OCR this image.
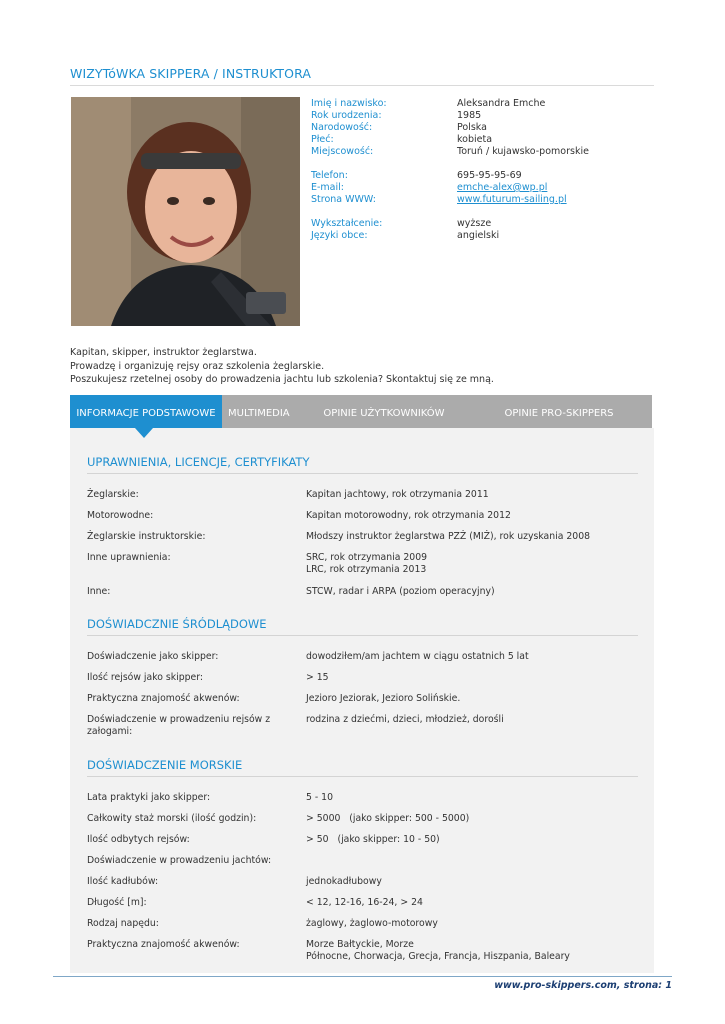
WIZYTóWKA SKIPPERA / INSTRUKTORA
Imię i nazwisko:	Aleksandra Emche
Rok urodzenia:	1985
Narodowość:	Polska
Płeć:	kobieta
Miejscowość:	Toruń / kujawsko-pomorskie
Telefon:	695-95-95-69
E-mail:	emche-alex@wp.pl
Strona WWW:	www.futurum-sailing.pl
Wykształcenie:	wyższe
Języki obce:	angielski
Kapitan, skipper, instruktor żeglarstwa.
Prowadzę i organizuję rejsy oraz szkolenia żeglarskie.
Poszukujesz rzetelnej osoby do prowadzenia jachtu lub szkolenia? Skontaktuj się ze mną.
INFORMACJE PODSTAWOWE	MULTIMEDIA	OPINIE UŻYTKOWNIKÓW	OPINIE PRO-SKIPPERS
UPRAWNIENIA, LICENCJE, CERTYFIKATY
Żeglarskie:	Kapitan jachtowy, rok otrzymania 2011
Motorowodne:	Kapitan motorowodny, rok otrzymania 2012
Żeglarskie instruktorskie:	Młodszy instruktor żeglarstwa PZŻ (MIŻ), rok uzyskania 2008
Inne uprawnienia:	SRC, rok otrzymania 2009
LRC, rok otrzymania 2013
Inne:	STCW, radar i ARPA (poziom operacyjny)
DOŚWIADCZNIE ŚRÓDLĄDOWE
Doświadczenie jako skipper:	dowodziłem/am jachtem w ciągu ostatnich 5 lat
Ilość rejsów jako skipper:	> 15
Praktyczna znajomość akwenów:	Jezioro Jeziorak, Jezioro Solińskie.
Doświadczenie w prowadzeniu rejsów z
załogami:
rodzina z dziećmi, dzieci, młodzież, dorośli
DOŚWIADCZENIE MORSKIE
Lata praktyki jako skipper:	5 - 10
Całkowity staż morski (ilość godzin):	> 5000   (jako skipper: 500 - 5000)
Ilość odbytych rejsów:	> 50   (jako skipper: 10 - 50)
Doświadczenie w prowadzeniu jachtów:
Ilość kadłubów:	jednokadłubowy
Długość [m]:	< 12, 12-16, 16-24, > 24
Rodzaj napędu:	żaglowy, żaglowo-motorowy
Praktyczna znajomość akwenów:	Morze Bałtyckie, Morze
Północne, Chorwacja, Grecja, Francja, Hiszpania, Baleary
www.pro-skippers.com, strona: 1
